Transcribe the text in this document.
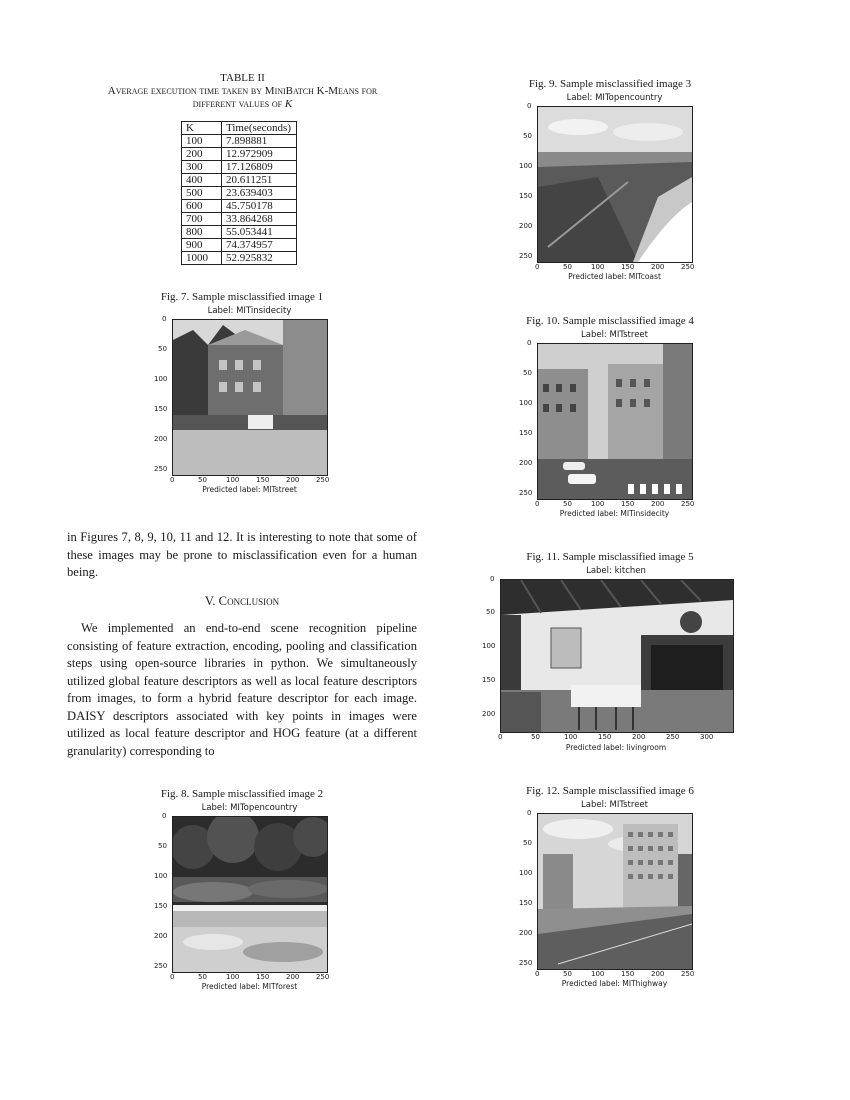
TABLE II
Average execution time taken by MiniBatch K-Means for
different values of K
K	Time(seconds)
100	7.898881
200	12.972909
300	17.126809
400	20.611251
500	23.639403
600	45.750178
700	33.864268
800	55.053441
900	74.374957
1000	52.925832
Fig. 7. Sample misclassified image 1
Label: MITinsidecity
0
50
100
150
200
250
0	50	100 150 200 250
Predicted label: MITstreet
Fig. 8. Sample misclassified image 2
Label: MITopencountry
0
50
100
150
200
250
0	50	100 150 200 250
Predicted label: MITforest
Fig. 9. Sample misclassified image 3
Label: MITopencountry
0
50
100
150
200
250
0	50	100 150 200 250
Predicted label: MITcoast
Fig. 10. Sample misclassified image 4
Label: MITstreet
0
50
100
150
200
250
0	50	100 150 200 250
Predicted label: MITinsidecity
Fig. 11. Sample misclassified image 5
Label: kitchen
0
50
100
150
200
0	50	100	150	200	250	300
Predicted label: livingroom
Fig. 12. Sample misclassified image 6
Label: MITstreet
0
50
100
150
200
250
0	50	100 150 200 250
Predicted label: MIThighway
in Figures 7, 8, 9, 10, 11 and 12. It is interesting to note that some of these images may be prone to misclassification even for a human being.
V. Conclusion
We implemented an end-to-end scene recognition pipeline consisting of feature extraction, encoding, pooling and classification steps using open-source libraries in python. We simultaneously utilized global feature descriptors as well as local feature descriptors from images, to form a hybrid feature descriptor for each image. DAISY descriptors associated with key points in images were utilized as local feature descriptor and HOG feature (at a different granularity) corresponding to
